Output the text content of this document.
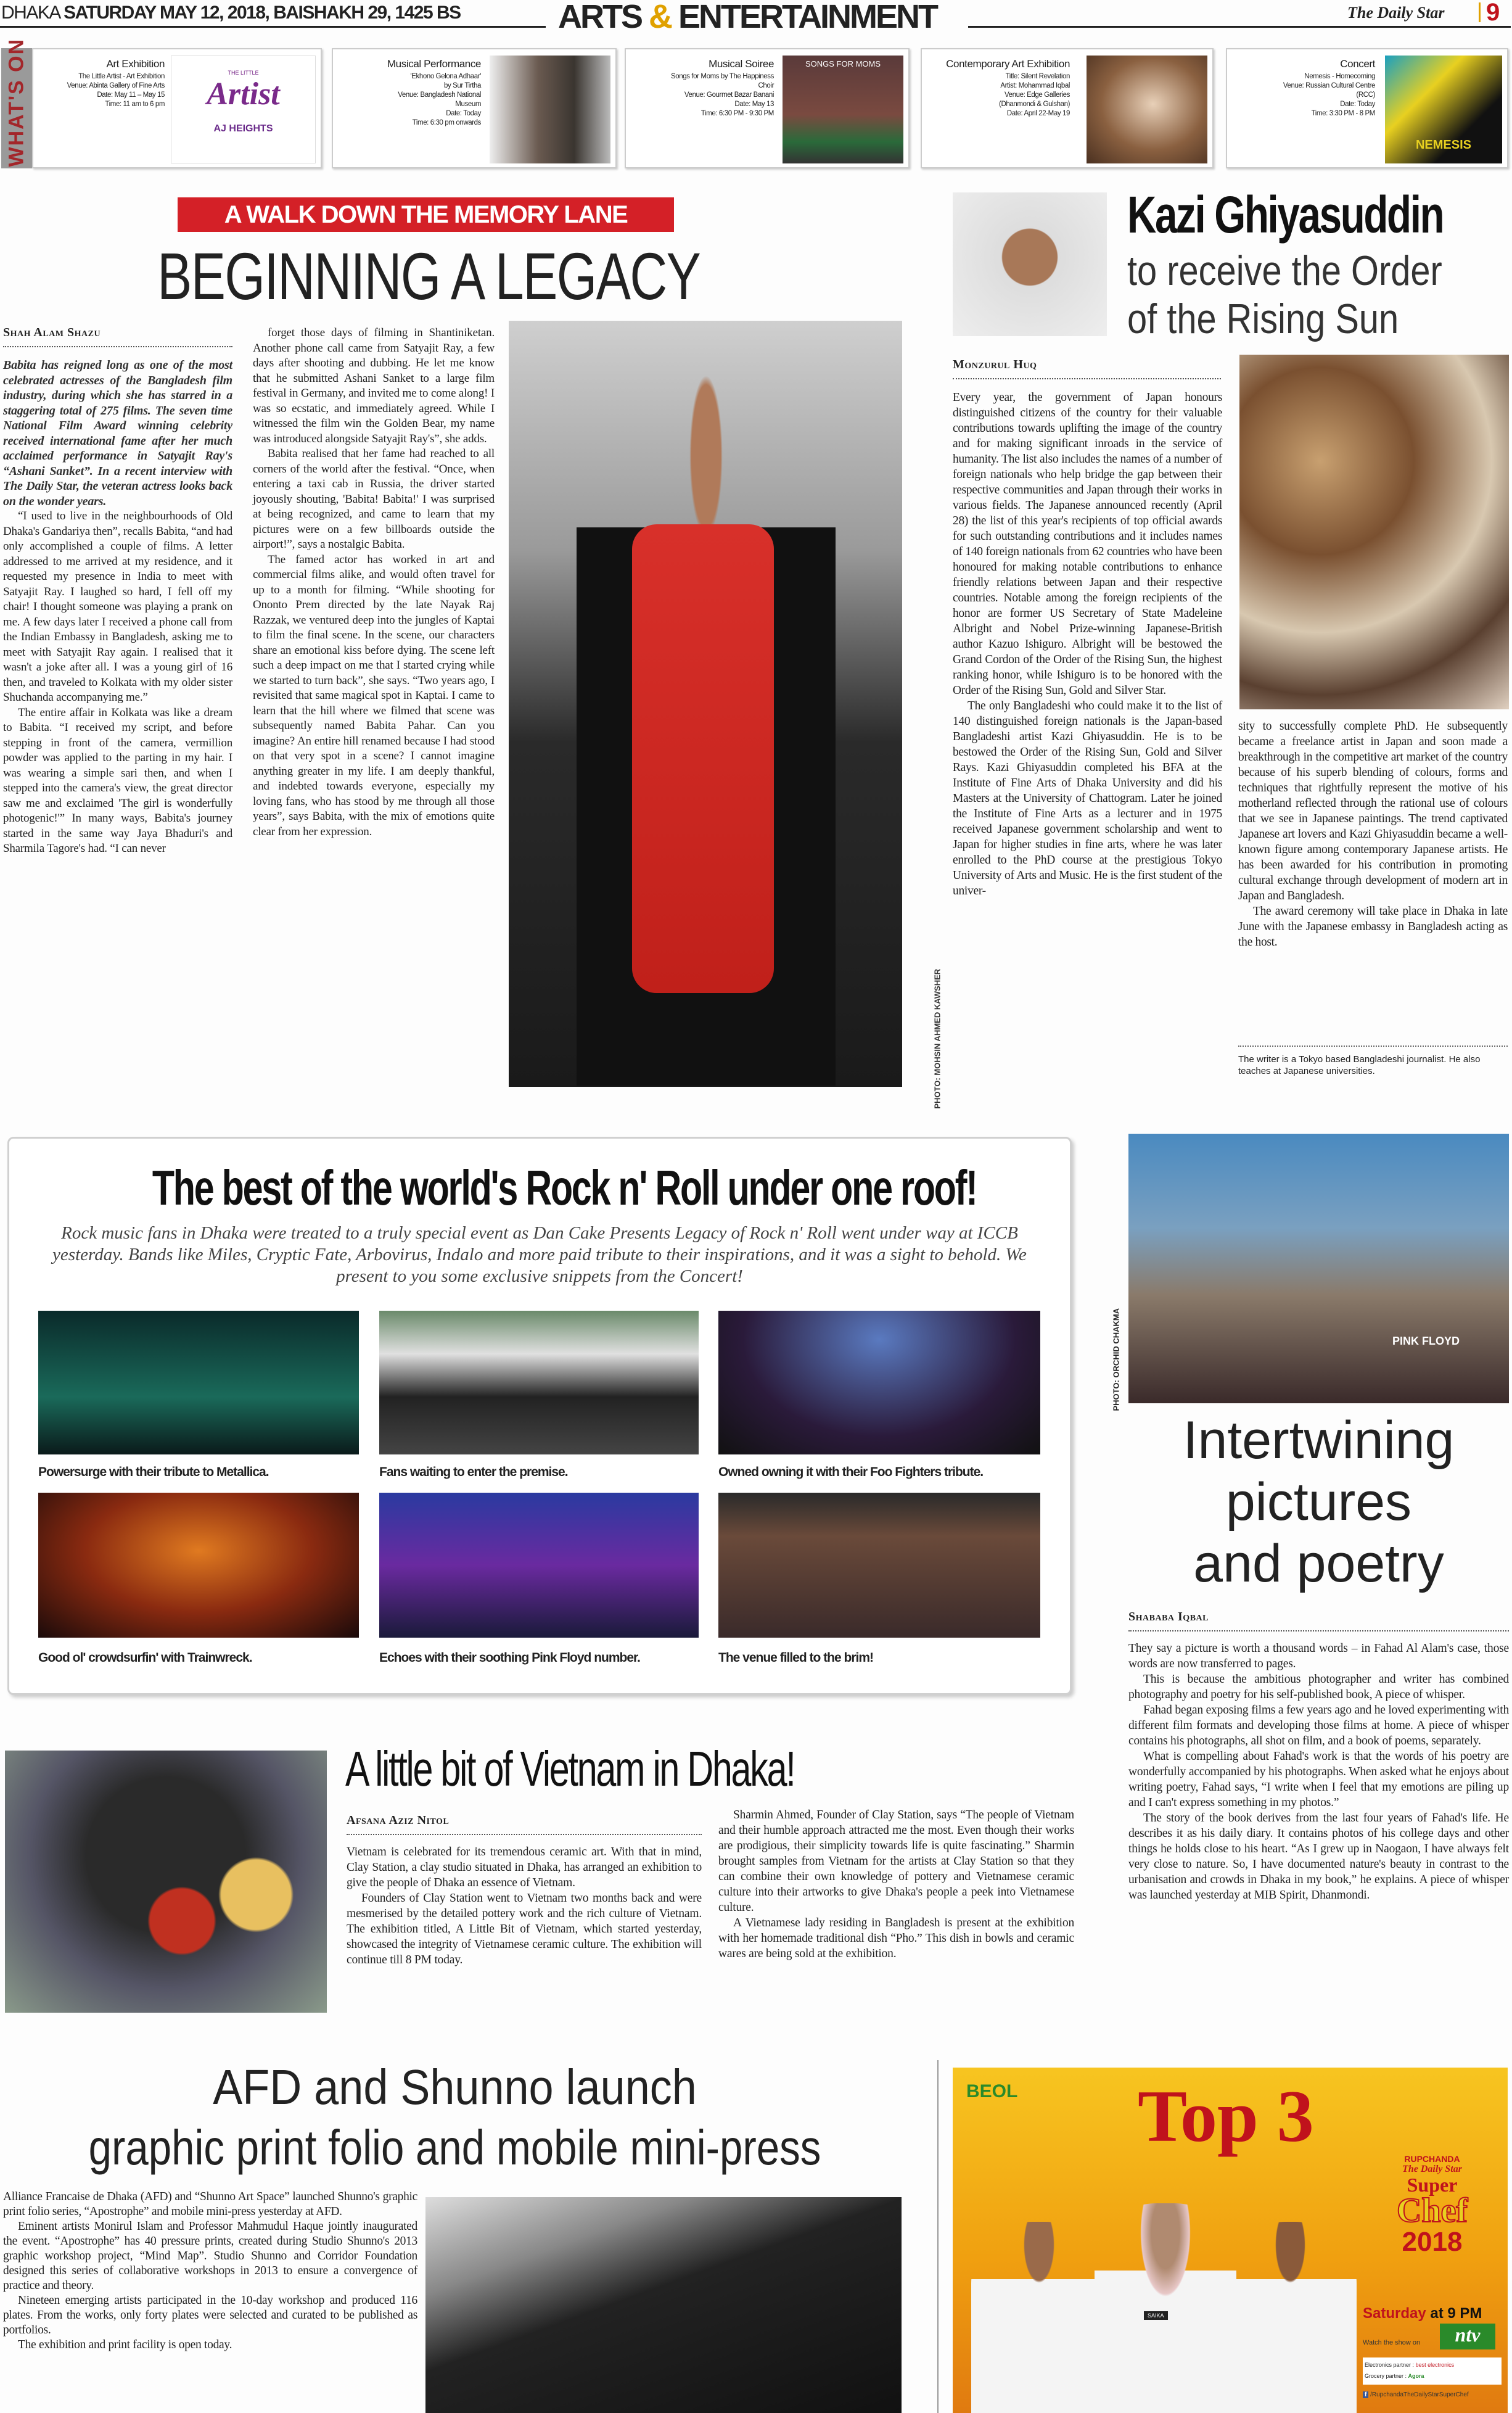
DHAKA SATURDAY MAY 12, 2018, BAISHAKH 29, 1425 BS	ARTS & ENTERTAINMENT	The Daily Star 9
WHAT'S ON	Art Exhibition
The Little Artist - Art Exhibition
Venue: Abinta Gallery of Fine Arts
Date: May 11 – May 15
Time: 11 am to 6 pm
THE LITTLE
Artist
AJ HEIGHTS
Musical Performance
'Ekhono Gelona Adhaar'
by Sur Tirtha
Venue: Bangladesh National
Museum
Date: Today
Time: 6:30 pm onwards
Musical Soiree
Songs for Moms by The Happiness
Choir
Venue: Gourmet Bazar Banani
Date: May 13
Time: 6:30 PM - 9:30 PM
SONGS FOR MOMS	Contemporary Art Exhibition
Title: Silent Revelation
Artist: Mohammad Iqbal
Venue: Edge Galleries
(Dhanmondi & Gulshan)
Date: April 22-May 19
Concert
Nemesis - Homecoming
Venue: Russian Cultural Centre
(RCC)
Date: Today
Time: 3:30 PM - 8 PM
NEMESIS
A WALK DOWN THE MEMORY LANE
BEGINNING A LEGACY
Shah Alam Shazu

Babita has reigned long as one of the most celebrated actresses of the Bangladesh film industry, during which she has starred in a staggering total of 275 films. The seven time National Film Award winning celebrity received international fame after her much acclaimed performance in Satyajit Ray's “Ashani Sanket”. In a recent interview with The Daily Star, the veteran actress looks back on the wonder years.

“I used to live in the neighbourhoods of Old Dhaka's Gandariya then”, recalls Babita, “and had only accomplished a couple of films. A letter addressed to me arrived at my residence, and it requested my presence in India to meet with Satyajit Ray. I laughed so hard, I fell off my chair! I thought someone was playing a prank on me. A few days later I received a phone call from the Indian Embassy in Bangladesh, asking me to meet with Satyajit Ray again. I realised that it wasn't a joke after all. I was a young girl of 16 then, and traveled to Kolkata with my older sister Shuchanda accompanying me.”

The entire affair in Kolkata was like a dream to Babita. “I received my script, and before stepping in front of the camera, vermillion powder was applied to the parting in my hair. I was wearing a simple sari then, and when I stepped into the camera's view, the great director saw me and exclaimed 'The girl is wonderfully photogenic!'” In many ways, Babita's journey started in the same way Jaya Bhaduri's and Sharmila Tagore's had. “I can never

forget those days of filming in Shantiniketan. Another phone call came from Satyajit Ray, a few days after shooting and dubbing. He let me know that he submitted Ashani Sanket to a large film festival in Germany, and invited me to come along! I was so ecstatic, and immediately agreed. While I witnessed the film win the Golden Bear, my name was introduced alongside Satyajit Ray's”, she adds.

Babita realised that her fame had reached to all corners of the world after the festival. “Once, when entering a taxi cab in Russia, the driver started joyously shouting, 'Babita! Babita!' I was surprised at being recognized, and came to learn that my pictures were on a few billboards outside the airport!”, says a nostalgic Babita.

The famed actor has worked in art and commercial films alike, and would often travel for up to a month for filming. “While shooting for Ononto Prem directed by the late Nayak Raj Razzak, we ventured deep into the jungles of Kaptai to film the final scene. In the scene, our characters share an emotional kiss before dying. The scene left such a deep impact on me that I started crying while we started to turn back”, she says. “Two years ago, I revisited that same magical spot in Kaptai. I came to learn that the hill where we filmed that scene was subsequently named Babita Pahar. Can you imagine? An entire hill renamed because I had stood on that very spot in a scene? I cannot imagine anything greater in my life. I am deeply thankful, and indebted towards everyone, especially my loving fans, who has stood by me through all those years”, says Babita, with the mix of emotions quite clear from her expression.

PHOTO: MOHSIN AHMED KAWSHER
Kazi Ghiyasuddin
to receive the Order
of the Rising Sun
Monzurul Huq

Every year, the government of Japan honours distinguished citizens of the country for their valuable contributions towards uplifting the image of the country and for making significant inroads in the service of humanity. The list also includes the names of a number of foreign nationals who help bridge the gap between their respective communities and Japan through their works in various fields. The Japanese announced recently (April 28) the list of this year's recipients of top official awards for such outstanding contributions and it includes names of 140 foreign nationals from 62 countries who have been honoured for making notable contributions to enhance friendly relations between Japan and their respective countries. Notable among the foreign recipients of the honor are former US Secretary of State Madeleine Albright and Nobel Prize-winning Japanese-British author Kazuo Ishiguro. Albright will be bestowed the Grand Cordon of the Order of the Rising Sun, the highest ranking honor, while Ishiguro is to be honored with the Order of the Rising Sun, Gold and Silver Star.

The only Bangladeshi who could make it to the list of 140 distinguished foreign nationals is the Japan-based Bangladeshi artist Kazi Ghiyasuddin. He is to be bestowed the Order of the Rising Sun, Gold and Silver Rays. Kazi Ghiyasuddin completed his BFA at the Institute of Fine Arts of Dhaka University and did his Masters at the University of Chattogram. Later he joined the Institute of Fine Arts as a lecturer and in 1975 received Japanese government scholarship and went to Japan for higher studies in fine arts, where he was later enrolled to the PhD course at the prestigious Tokyo University of Arts and Music. He is the first student of the univer-

sity to successfully complete PhD. He subsequently became a freelance artist in Japan and soon made a breakthrough in the competitive art market of the country because of his superb blending of colours, forms and techniques that rightfully represent the motive of his motherland reflected through the rational use of colours that we see in Japanese paintings. The trend captivated Japanese art lovers and Kazi Ghiyasuddin became a well-known figure among contemporary Japanese artists. He has been awarded for his contribution in promoting cultural exchange through development of modern art in Japan and Bangladesh.

The award ceremony will take place in Dhaka in late June with the Japanese embassy in Bangladesh acting as the host.

The writer is a Tokyo based Bangladeshi journalist. He also teaches at Japanese universities.
The best of the world's Rock n' Roll under one roof!
Rock music fans in Dhaka were treated to a truly special event as Dan Cake Presents Legacy of Rock n' Roll went under way at ICCB yesterday. Bands like Miles, Cryptic Fate, Arbovirus, Indalo and more paid tribute to their inspirations, and it was a sight to behold. We present to you some exclusive snippets from the Concert!
Powersurge with their tribute to Metallica.	Fans waiting to enter the premise.	Owned owning it with their Foo Fighters tribute.
Good ol' crowdsurfin' with Trainwreck.	Echoes with their soothing Pink Floyd number.	The venue filled to the brim!
PINK FLOYD
PHOTO: ORCHID CHAKMA
Intertwining
pictures
and poetry
Shababa Iqbal

They say a picture is worth a thousand words – in Fahad Al Alam's case, those words are now transferred to pages.

This is because the ambitious photographer and writer has combined photography and poetry for his self-published book, A piece of whisper.

Fahad began exposing films a few years ago and he loved experimenting with different film formats and developing those films at home. A piece of whisper contains his photographs, all shot on film, and a book of poems, separately.

What is compelling about Fahad's work is that the words of his poetry are wonderfully accompanied by his photographs. When asked what he enjoys about writing poetry, Fahad says, “I write when I feel that my emotions are piling up and I can't express something in my photos.”

The story of the book derives from the last four years of Fahad's life. He describes it as his daily diary. It contains photos of his college days and other things he holds close to his heart. “As I grew up in Naogaon, I have always felt very close to nature. So, I have documented nature's beauty in contrast to the urbanisation and crowds in Dhaka in my book,” he explains. A piece of whisper was launched yesterday at MIB Spirit, Dhanmondi.

A little bit of Vietnam in Dhaka!
Afsana Aziz Nitol

Vietnam is celebrated for its tremendous ceramic art. With that in mind, Clay Station, a clay studio situated in Dhaka, has arranged an exhibition to give the people of Dhaka an essence of Vietnam.

Founders of Clay Station went to Vietnam two months back and were mesmerised by the detailed pottery work and the rich culture of Vietnam. The exhibition titled, A Little Bit of Vietnam, which started yesterday, showcased the integrity of Vietnamese ceramic culture. The exhibition will continue till 8 PM today.

Sharmin Ahmed, Founder of Clay Station, says “The people of Vietnam and their humble approach attracted me the most. Even though their works are prodigious, their simplicity towards life is quite fascinating.” Sharmin brought samples from Vietnam for the artists at Clay Station so that they can combine their own knowledge of pottery and Vietnamese ceramic culture into their artworks to give Dhaka's people a peek into Vietnamese culture.

A Vietnamese lady residing in Bangladesh is present at the exhibition with her homemade traditional dish “Pho.” This dish in bowls and ceramic wares are being sold at the exhibition.

AFD and Shunno launch
graphic print folio and mobile mini-press

Alliance Francaise de Dhaka (AFD) and “Shunno Art Space” launched Shunno's graphic print folio series, “Apostrophe” and mobile mini-press yesterday at AFD.

Eminent artists Monirul Islam and Professor Mahmudul Haque jointly inaugurated the event. “Apostrophe” has 40 pressure prints, created during Studio Shunno's 2013 graphic workshop project, “Mind Map”. Studio Shunno and Corridor Foundation designed this series of collaborative workshops in 2013 to ensure a convergence of practice and theory.

Nineteen emerging artists participated in the 10-day workshop and produced 116 plates. From the works, only forty plates were selected and curated to be published as portfolios.

The exhibition and print facility is open today.

BEOL Top 3
SAIKA
RUPCHANDA
The Daily Star
Super
Chef
2018
Saturday at 9 PM
Watch the show on	ntv
Electronics partner : best electronics
Grocery partner : Agora
f /RupchandaTheDailyStarSuperChef
